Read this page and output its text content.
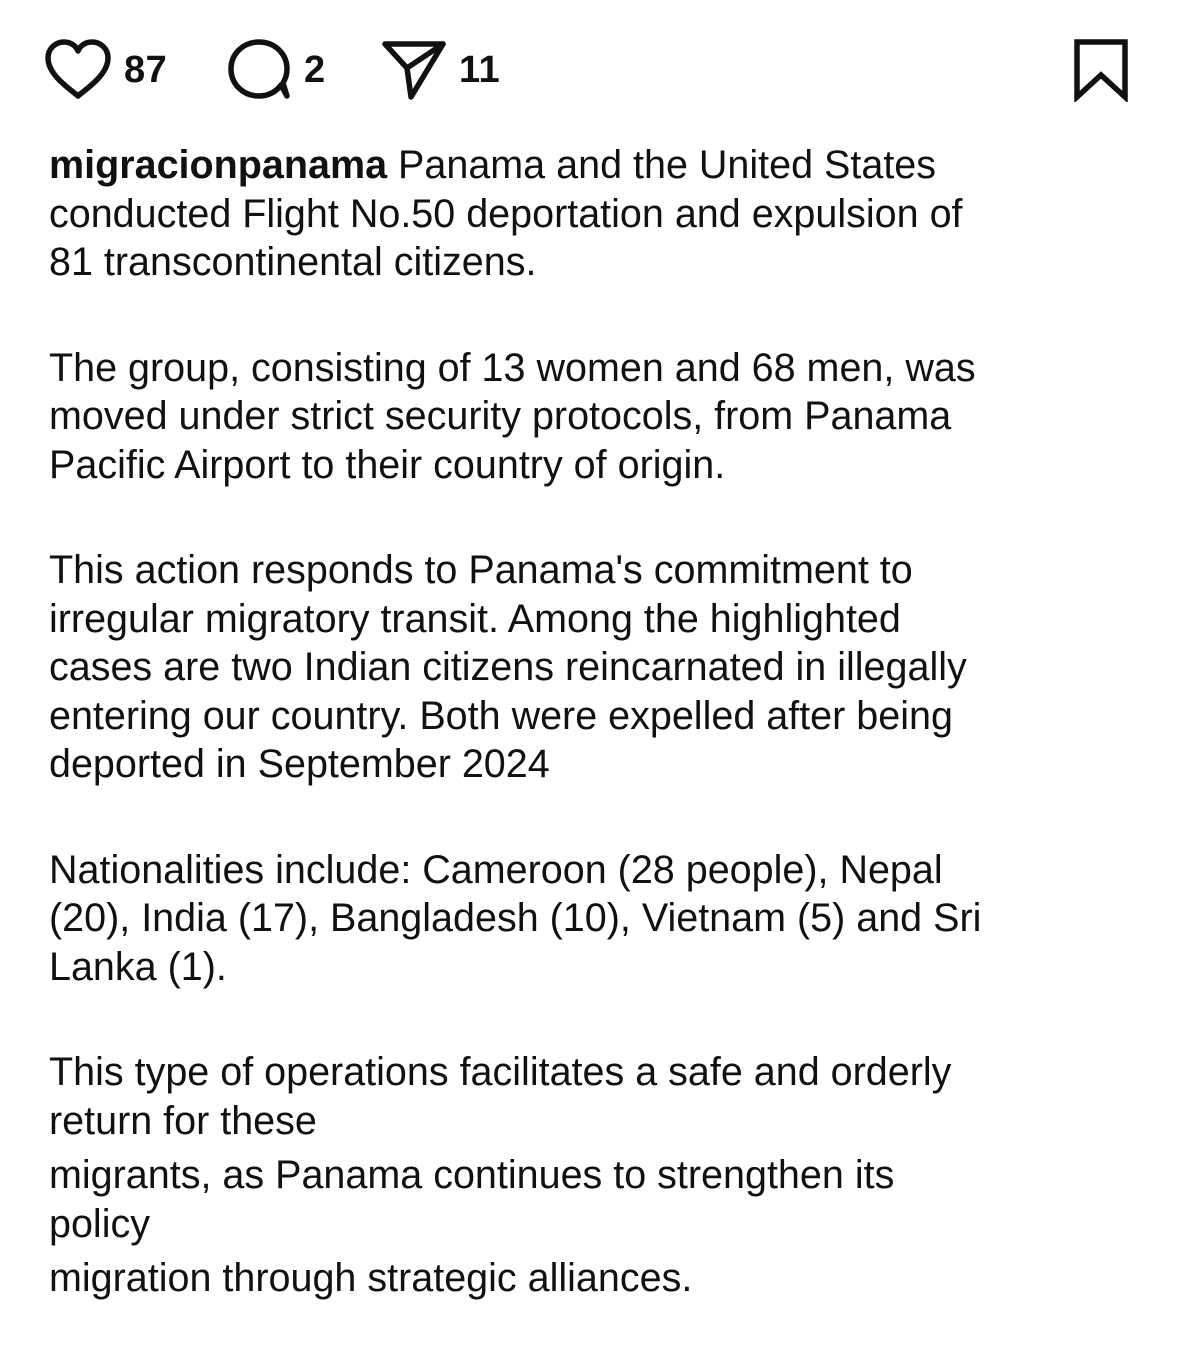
87	2	11

migracionpanama Panama and the United States
conducted Flight No.50 deportation and expulsion of
81 transcontinental citizens.

The group, consisting of 13 women and 68 men, was
moved under strict security protocols, from Panama
Pacific Airport to their country of origin.

This action responds to Panama's commitment to
irregular migratory transit. Among the highlighted
cases are two Indian citizens reincarnated in illegally
entering our country. Both were expelled after being
deported in September 2024

Nationalities include: Cameroon (28 people), Nepal
(20), India (17), Bangladesh (10), Vietnam (5) and Sri
Lanka (1).

This type of operations facilitates a safe and orderly
return for these
migrants, as Panama continues to strengthen its
policy
migration through strategic alliances.
